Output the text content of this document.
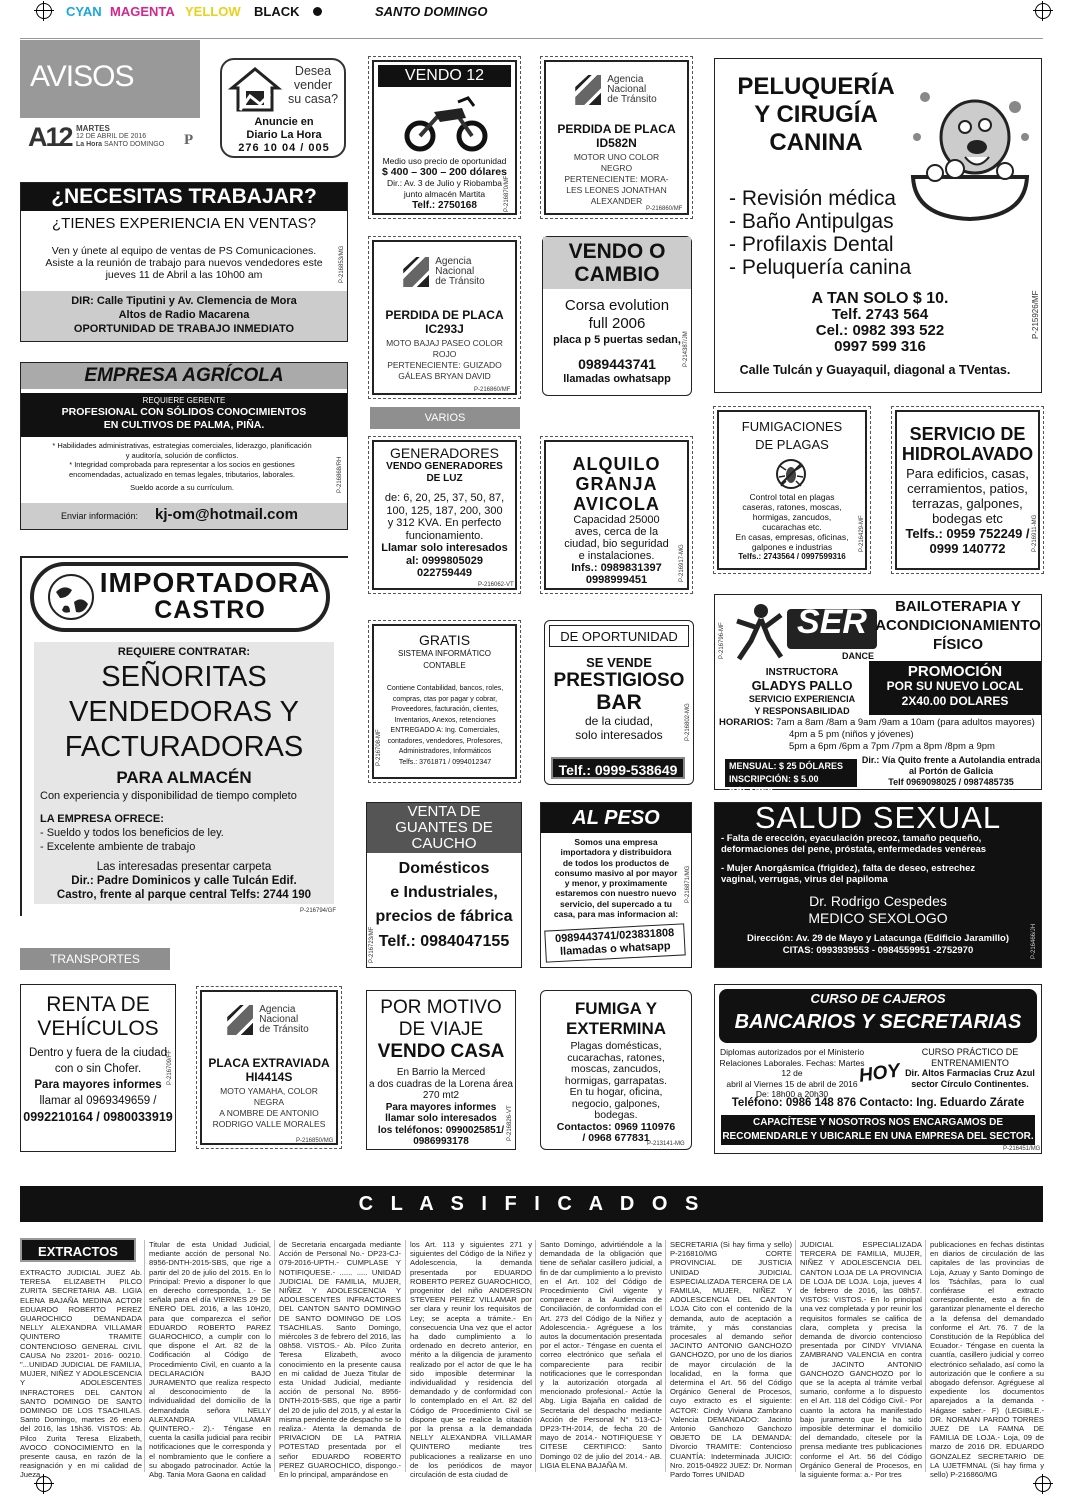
CYAN MAGENTA YELLOW BLACK	SANTO DOMINGO
AVISOS
A12 MARTES
12 DE ABRIL DE 2016
La Hora SANTO DOMINGO P
Desea
vender
su casa?
Anuncie en
Diario La Hora
276 10 04 / 005
VENDO 12 MOTOS
Medio uso precio de oportunidad
$ 400 – 300 – 200 dólares
Dir.: Av. 3 de Julio y Riobamba
junto almacén Martita
Telf.: 2750168	P-216870/MF
Agencia
Nacional
de Tránsito
PERDIDA DE PLACA
ID582N
MOTOR UNO COLOR
NEGRO
PERTENECIENTE: MORA-
LES LEONES JONATHAN
ALEXANDER
P-216860/MF
PELUQUERÍA
Y CIRUGÍA
CANINA
- Revisión médica
- Baño Antipulgas
- Profilaxis Dental
- Peluquería canina
A TAN SOLO $ 10.
Telf. 2743 564
Cel.: 0982 393 522
0997 599 316
Calle Tulcán y Guayaquil, diagonal a TVentas.
P-215926/MF
¿NECESITAS TRABAJAR?
¿TIENES EXPERIENCIA EN VENTAS?
Ven y únete al equipo de ventas de PS Comunicaciones.
Asiste a la reunión de trabajo para nuevos vendedores este
jueves 11 de Abril a las 10h00 am
DIR: Calle Tiputini y Av. Clemencia de Mora
Altos de Radio Macarena
OPORTUNIDAD DE TRABAJO INMEDIATO
P-216853/MG	Agencia
Nacional
de Tránsito
PERDIDA DE PLACA
IC293J
MOTO BAJAJ PASEO COLOR
ROJO
PERTENECIENTE: GUIZADO
GÁLEAS BRYAN DAVID
P-216860/MF
VENDO O
CAMBIO
Corsa evolution
full 2006
placa p 5 puertas sedan,
0989443741
llamadas owhatsapp
P-214387/JM
EMPRESA AGRÍCOLA
REQUIERE GERENTE
PROFESIONAL CON SÓLIDOS CONOCIMIENTOS
EN CULTIVOS DE PALMA, PIÑA.
* Habilidades administrativas, estrategias comerciales, liderazgo, planificación
y auditoría, solución de conflictos.
* Integridad comprobada para representar a los socios en gestiones
encomendadas, actualizado en temas legales, tributarios, laborales.
Sueldo acorde a su currículum.
Enviar información: kj-om@hotmail.com
P-216868/RH
VARIOS
GENERADORES
VENDO GENERADORES
DE LUZ
de: 6, 20, 25, 37, 50, 87,
100, 125, 187, 200, 300
y 312 KVA. En perfecto
funcionamiento.
Llamar solo interesados
al: 0999805029
022759449
P-216062-VT
ALQUILO
GRANJA
AVICOLA
Capacidad 25000
aves, cerca de la
ciudad, bio seguridad
e instalaciones.
Infs.: 0989831397
0998999451	P-216917-MG
FUMIGACIONES
DE PLAGAS
Control total en plagas
caseras, ratones, moscas,
hormigas, zancudos,
cucarachas etc.
En casas, empresas, oficinas,
galpones e industrias
Telfs.: 2743564 / 0997599316
P-216429-MF
SERVICIO DE
HIDROLAVADO
Para edificios, casas,
cerramientos, patios,
terrazas, galpones,
bodegas etc
Telfs.: 0959 752249 /
0999 140772	P-216911-MG
IMPORTADORA
CASTRO
REQUIERE CONTRATAR:
SEÑORITAS
VENDEDORAS Y
FACTURADORAS
PARA ALMACÉN
Con experiencia y disponibilidad de tiempo completo
LA EMPRESA OFRECE:
- Sueldo y todos los beneficios de ley.
- Excelente ambiente de trabajo
Las interesadas presentar carpeta
Dir.: Padre Dominicos y calle Tulcán Edif.
Castro, frente al parque central Telfs: 2744 190
P-216794/GF
GRATIS
SISTEMA INFORMÁTICO
CONTABLE
Contiene Contabilidad, bancos, roles,
compras, ctas por pagar y cobrar,
Proveedores, facturación, clientes,
Inventarios, Anexos, retenciones
ENTREGADO A: Ing. Comerciales,
contadores, vendedores, Profesores,
Administradores, Informáticos
Telfs.: 3761871 / 0994012347
P-216708-MF
DE OPORTUNIDAD
SE VENDE
PRESTIGIOSO
BAR
de la ciudad,
solo interesados
Telf.: 0999-538649
P-216802-MG
SER
DANCE
BAILOTERAPIA Y
ACONDICIONAMIENTO
FÍSICO
INSTRUCTORA
GLADYS PALLO
SERVICIO EXPERIENCIA
Y RESPONSABILIDAD
PROMOCIÓN
POR SU NUEVO LOCAL
2X40.00 DOLARES
HORARIOS: 7am a 8am /8am a 9am /9am a 10am (para adultos mayores)
4pm a 5 pm (niños y jóvenes)
5pm a 6pm /6pm a 7pm /7pm a 8pm /8pm a 9pm
MENSUAL: $ 25 DÓLARES
INSCRIPCIÓN: $ 5.00 DÓLARES
Dir.: Vía Quito frente a Autolandia entrada
al Portón de Galicia
Telf 0969098025 / 0987485735
P-216796-MF
VENTA DE
GUANTES DE
CAUCHO
Domésticos
e Industriales,
precios de fábrica
Telf.: 0984047155
P-216723/MF
AL PESO
Somos una empresa
importadora y distribuidora
de todos los productos de
consumo masivo al por mayor
y menor, y proximamente
estaremos con nuestro nuevo
servicio, del supercado a tu
casa, para mas informacion al:
0989443741/023831808
llamadas o whatsapp
P-216871/MG
SALUD SEXUAL
- Falta de erección, eyaculación precoz, tamaño pequeño,
deformaciones del pene, próstata, enfermedades venéreas
- Mujer Anorgásmica (frigidez), falta de deseo, estrechez
vaginal, verrugas, virus del papiloma
Dr. Rodrigo Cespedes
MEDICO SEXOLOGO
Dirección: Av. 29 de Mayo y Latacunga (Edificio Jaramillo)
CITAS: 0993939553 - 0984559951 -2752970	P-216466/JH
TRANSPORTES
RENTA DE
VEHÍCULOS
Dentro y fuera de la ciudad
con o sin Chofer.
Para mayores informes
llamar al 0969349659 /
0992210164 / 0980033919
P-216709/FF
Agencia
Nacional
de Tránsito
PLACA EXTRAVIADA
HI4414S
MOTO YAMAHA, COLOR
NEGRA
A NOMBRE DE ANTONIO
RODRIGO VALLE MORALES
P-216850/MG
POR MOTIVO
DE VIAJE
VENDO CASA
En Barrio la Merced
a dos cuadras de la Lorena área
270 mt2
Para mayores informes
llamar solo interesados
los teléfonos: 0990025851/
0986993178
P-216826-VT
FUMIGA Y
EXTERMINA
Plagas domésticas,
cucarachas, ratones,
moscas, zancudos,
hormigas, garrapatas.
En tu hogar, oficina,
negocio, galpones,
bodegas.
Contactos: 0969 110976
/ 0968 677831
P-213141-MG
CURSO DE CAJEROS
BANCARIOS Y SECRETARIAS
Diplomas autorizados por el Ministerio
Relaciones Laborales. Fechas: Martes 12 de
abril al Viernes 15 de abril de 2016
De: 18h00 a 20h30
HOY
CURSO PRÁCTICO DE
ENTRENAMIENTO
Dir. Altos Farmacias Cruz Azul
sector Círculo Continentes.
Teléfono: 0986 148 876 Contacto: Ing. Eduardo Zárate
CAPACÍTESE Y NOSOTROS NOS ENCARGAMOS DE
RECOMENDARLE Y UBICARLE EN UNA EMPRESA DEL SECTOR.
P-216451/MG
C L A S I F I C A D O S
EXTRACTOS
EXTRACTO JUDICIAL JUEZ Ab. TERESA ELIZABETH PILCO ZURITA SECRETARIA AB. LIGIA ELENA BAJAÑA MEDINA ACTOR EDUARDO ROBERTO PEREZ GUAROCHICO DEMANDADA NELLY ALEXANDRA VILLAMAR QUINTERO TRAMITE CONTENCIOSO GENERAL CIVIL CAUSA No 23201- 2016- 00210. "...UNIDAD JUDICIAL DE FAMILIA, MUJER, NIÑEZ Y ADOLESCENCIA Y ADOLESCENTES INFRACTORES DEL CANTON SANTO DOMINGO DE SANTO DOMINGO DE LOS TSACHILAS. Santo Domingo, martes 26 enero del 2016, las 15h36. VISTOS: Ab. Pilco Zurita Teresa Elizabeth, AVOCO CONOCIMIENTO en la presente causa, en razón de la reasignación y en mi calidad de Jueza
Titular de esta Unidad Judicial, mediante acción de personal No. 8956-DNTH-2015-SBS, que rige a partir del 20 de julio del 2015. En lo Principal: Previo a disponer lo que en derecho corresponda, 1.- Se señala para el día VIERNES 29 DE ENERO DEL 2016, a las 10H20, para que comparezca el señor EDUARDO ROBERTO PAREZ GUAROCHICO, a cumplir con lo que dispone el Art. 82 de la Codificación al Código de Procedimiento Civil, en cuanto a la DECLARACIÓN BAJO JURAMENTO que realiza respecto al desconocimiento de la individualidad del domicilio de la demandada señora NELLY ALEXANDRA VILLAMAR QUINTERO.- 2).- Téngase en cuenta la casilla judicial para recibir notificaciones que le corresponda y el nombramiento que le confiere a su abogado patrocinador. Actúe la Abg. Tania Mora Gaona en calidad
de Secretaria encargada mediante Acción de Personal No.- DP23-CJ-079-2016-UPTH.- CUMPLASE Y NOTIFIQUESE.- ...... ..... UNIDAD JUDICIAL DE FAMILIA, MUJER, NIÑEZ Y ADOLESCENCIA Y ADOLESCENTES INFRACTORES DEL CANTON SANTO DOMINGO DE SANTO DOMINGO DE LOS TSACHILAS. Santo Domingo, miércoles 3 de febrero del 2016, las 08h58. VISTOS.- Ab. Pilco Zurita Teresa Elizabeth, avoco conocimiento en la presente causa en mi calidad de Jueza Titular de esta Unidad Judicial, mediante acción de personal No. 8956-DNTH-2015-SBS, que rige a partir del 20 de julio del 2015, y al estar la misma pendiente de despacho se lo realiza.- Atenta la demanda de PRIVACION DE LA PATRIA POTESTAD presentada por el señor EDUARDO ROBERTO PEREZ GUAROCHICO, dispongo.- En lo principal, amparándose en
los Art. 113 y siguientes 271 y siguientes del Código de la Niñez y Adolescencia, la demanda presentada por EDUARDO ROBERTO PEREZ GUAROCHICO, progenitor del niño ANDERSON STEVEEN PEREZ VILLAMAR por ser clara y reunir los requisitos de Ley; se acepta a trámite.- En consecuencia Una vez que el actor ha dado cumplimiento a lo ordenado en decreto anterior, en mérito a la diligencia de juramento realizado por el actor de que le ha sido imposible determinar la individualidad y residencia del demandado y de conformidad con lo contemplado en el Art. 82 del Código de Procedimiento Civil se dispone que se realice la citación por la prensa a la demandada NELLY ALEXANDRA VILLAMAR QUINTERO mediante tres publicaciones a realizarse en uno de los periódicos de mayor circulación de esta ciudad de
Santo Domingo, advirtiéndole a la demandada de la obligación que tiene de señalar casillero judicial, a fin de dar cumplimiento a lo previsto en el Art. 102 del Código de Procedimiento Civil vigente y comparecer a la Audiencia de Conciliación, de conformidad con el Art. 273 del Código de la Niñez y Adolescencia.- Agréguese a los autos la documentación presentada por el actor.- Téngase en cuenta el correo electrónico que señala el compareciente para recibir notificaciones que le correspondan y la autorización otorgada al mencionado profesional.- Actúe la Abg. Ligia Bajaña en calidad de Secretaria del despacho mediante Acción de Personal N° 513-CJ-DP23-TH-2014, de fecha 20 de mayo de 2014.- NOTIFIQUESE Y CITESE CERTIFICO: Santo Domingo 02 de julio del 2014.- AB. LIGIA ELENA BAJAÑA M.
SECRETARIA (Si hay firma y sello) P-216810/MG CORTE PROVINCIAL DE JUSTICIA UNIDAD JUDICIAL ESPECIALIZADA TERCERA DE LA FAMILIA, MUJER, NIÑEZ Y ADOLESCENCIA DEL CANTON LOJA Cito con el contenido de la demanda, auto de aceptación a trámite, y más constancias procesales al demando señor JACINTO ANTONIO GANCHOZO GANCHOZO, por uno de los diarios de mayor circulación de la localidad, en la forma que determina el Art. 56 del Código Orgánico General de Procesos, cuyo extracto es el siguiente: ACTOR: Cindy Viviana Zambrano Valencia DEMANDADO: Jacinto Antonio Ganchozo Ganchozo OBJETO DE LA DEMANDA: Divorcio TRAMITE: Contencioso CUANTÍA: Indeterminada JUICIO: Nro. 2015-04922 JUEZ: Dr. Norman Pardo Torres UNIDAD
JUDICIAL ESPECIALIZADA TERCERA DE FAMILIA, MUJER, NIÑEZ Y ADOLESCENCIA DEL CANTON LOJA DE LA PROVINCIA DE LOJA DE LOJA. Loja, jueves 4 de febrero de 2016, las 08h57. VISTOS: VISTOS.- En lo principal una vez completada y por reunir los requisitos formales se califica de clara, completa y precisa la demanda de divorcio contencioso presentada por CINDY VIVIANA ZAMBRANO VALENCIA en contra de JACINTO ANTONIO GANCHOZO GANCHOZO por lo que se la acepta al trámite verbal sumario, conforme a lo dispuesto en el Art. 118 del Código Civil.- Por cuanto la actora ha manifestado bajo juramento que le ha sido imposible determinar el domicilio del demandado, cítesele por la prensa mediante tres publicaciones conforme el Art. 56 del Código Orgánico General de Procesos, en la siguiente forma: a.- Por tres
publicaciones en fechas distintas en diarios de circulación de las capitales de las provincias de Loja, Azuay y Santo Domingo de los Tsáchilas, para lo cual confiérase el extracto correspondiente, esto a fin de garantizar plenamente el derecho a la defensa del demandado conforme el Art. 76. 7 de la Constitución de la República del Ecuador.- Téngase en cuenta la cuantía, casillero judicial y correo electrónico señalado, así como la autorización que le confiere a su abogado defensor. Agréguese al expediente los documentos aparejados a la demanda - Hágase saber.- F) (LEGIBLE.- DR. NORMAN PARDO TORRES JUEZ DE LA FAMNA DE FAMILIA DE LOJA.- Loja, 09 de marzo de 2016 DR. EDUARDO GONZALEZ SECRETARIO DE LA UJETFMNAL (Si hay firma y sello) P-216860/MG
